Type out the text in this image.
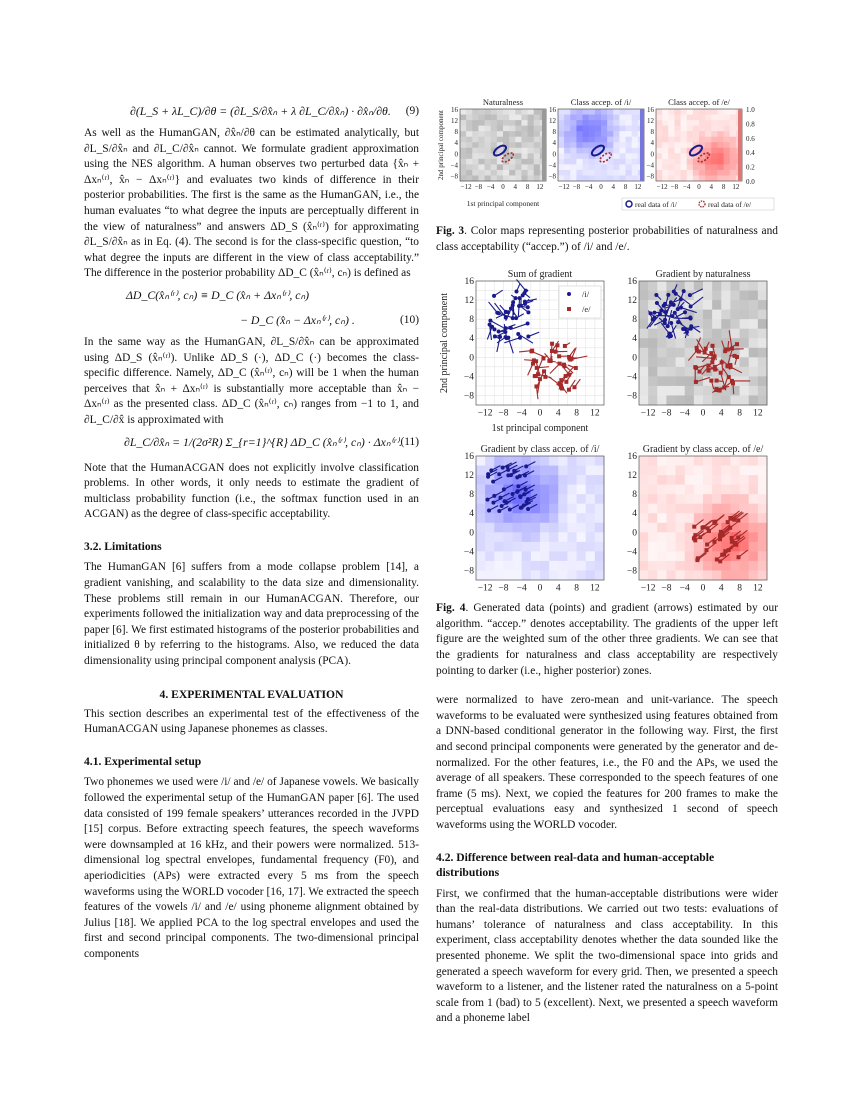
∂(L_S + λL_C)/∂θ = (∂L_S/∂x̂ₙ + λ ∂L_C/∂x̂ₙ) · ∂x̂ₙ/∂θ. (9)

As well as the HumanGAN, ∂x̂ₙ/∂θ can be estimated analytically, but ∂L_S/∂x̂ₙ and ∂L_C/∂x̂ₙ cannot. We formulate gradient approximation using the NES algorithm. A human observes two perturbed data {x̂ₙ + Δxₙ⁽ʳ⁾, x̂ₙ − Δxₙ⁽ʳ⁾} and evaluates two kinds of difference in their posterior probabilities. The first is the same as the HumanGAN, i.e., the human evaluates “to what degree the inputs are perceptually different in the view of naturalness” and answers ΔD_S (x̂ₙ⁽ʳ⁾) for approximating ∂L_S/∂x̂ₙ as in Eq. (4). The second is for the class-specific question, “to what degree the inputs are different in the view of class acceptability.” The difference in the posterior probability ΔD_C (x̂ₙ⁽ʳ⁾, cₙ) is defined as

ΔD_C(x̂ₙ⁽ʳ⁾, cₙ) ≡ D_C (x̂ₙ + Δxₙ⁽ʳ⁾, cₙ)
− D_C (x̂ₙ − Δxₙ⁽ʳ⁾, cₙ) .	(10)

In the same way as the HumanGAN, ∂L_S/∂x̂ₙ can be approximated using ΔD_S (x̂ₙ⁽ʳ⁾). Unlike ΔD_S (·), ΔD_C (·) becomes the class-specific difference. Namely, ΔD_C (x̂ₙ⁽ʳ⁾, cₙ) will be 1 when the human perceives that x̂ₙ + Δxₙ⁽ʳ⁾ is substantially more acceptable than x̂ₙ − Δxₙ⁽ʳ⁾ as the presented class. ΔD_C (x̂ₙ⁽ʳ⁾, cₙ) ranges from −1 to 1, and ∂L_C/∂x̂ is approximated with

∂L_C/∂x̂ₙ = 1/(2σ²R) Σ_{r=1}^{R} ΔD_C (x̂ₙ⁽ʳ⁾, cₙ) · Δxₙ⁽ʳ⁾.
(11)

Note that the HumanACGAN does not explicitly involve classification problems. In other words, it only needs to estimate the gradient of multiclass probability function (i.e., the softmax function used in an ACGAN) as the degree of class-specific acceptability.

3.2. Limitations

The HumanGAN [6] suffers from a mode collapse problem [14], a gradient vanishing, and scalability to the data size and dimensionality. These problems still remain in our HumanACGAN. Therefore, our experiments followed the initialization way and data preprocessing of the paper [6]. We first estimated histograms of the posterior probabilities and initialized θ by referring to the histograms. Also, we reduced the data dimensionality using principal component analysis (PCA).

4. EXPERIMENTAL EVALUATION

This section describes an experimental test of the effectiveness of the HumanACGAN using Japanese phonemes as classes.

4.1. Experimental setup

Two phonemes we used were /i/ and /e/ of Japanese vowels. We basically followed the experimental setup of the HumanGAN paper [6]. The used data consisted of 199 female speakers’ utterances recorded in the JVPD [15] corpus. Before extracting speech features, the speech waveforms were downsampled at 16 kHz, and their powers were normalized. 513-dimensional log spectral envelopes, fundamental frequency (F0), and aperiodicities (APs) were extracted every 5 ms from the speech waveforms using the WORLD vocoder [16, 17]. We extracted the speech features of the vowels /i/ and /e/ using phoneme alignment obtained by Julius [18]. We applied PCA to the log spectral envelopes and used the first and second principal components. The two-dimensional principal components

Naturalness
16
12
8
4
0
−4
−8
−12 −8 −4 0 4 8 12
Class accep. of /i/
16
12
8
4
0
−4
−8
−12 −8 −4 0 4 8 12
Class accep. of /e/
16
12
8
4
0
−4
−8
−12 −8 −4 0 4 8 12
1.0
0.8
0.6
0.4
0.2
0.0
2nd principal component
1st principal component	real data of /i/	real data of /e/

Fig. 3. Color maps representing posterior probabilities of naturalness and class acceptability (“accep.”) of /i/ and /e/.

Sum of gradient
16
12
8
4
0
−4
−8
−12 −8 −4 0 4 8 12
Gradient by naturalness
16
12
8
4
0
−4
−8
−12 −8 −4 0 4 8 12
Gradient by class accep. of /i/
16
12
8
4
0
−4
−8
−12 −8 −4 0 4 8 12
Gradient by class accep. of /e/
16
12
8
4
0
−4
−8
−12 −8 −4 0 4 8 12
2nd principal component
1st principal component
/i/
/e/

Fig. 4. Generated data (points) and gradient (arrows) estimated by our algorithm. “accep.” denotes acceptability. The gradients of the upper left figure are the weighted sum of the other three gradients. We can see that the gradients for naturalness and class acceptability are respectively pointing to darker (i.e., higher posterior) zones.

were normalized to have zero-mean and unit-variance. The speech waveforms to be evaluated were synthesized using features obtained from a DNN-based conditional generator in the following way. First, the first and second principal components were generated by the generator and de-normalized. For the other features, i.e., the F0 and the APs, we used the average of all speakers. These corresponded to the speech features of one frame (5 ms). Next, we copied the features for 200 frames to make the perceptual evaluations easy and synthesized 1 second of speech waveforms using the WORLD vocoder.

4.2. Difference between real-data and human-acceptable distributions

First, we confirmed that the human-acceptable distributions were wider than the real-data distributions. We carried out two tests: evaluations of humans’ tolerance of naturalness and class acceptability. In this experiment, class acceptability denotes whether the data sounded like the presented phoneme. We split the two-dimensional space into grids and generated a speech waveform for every grid. Then, we presented a speech waveform to a listener, and the listener rated the naturalness on a 5-point scale from 1 (bad) to 5 (excellent). Next, we presented a speech waveform and a phoneme label
